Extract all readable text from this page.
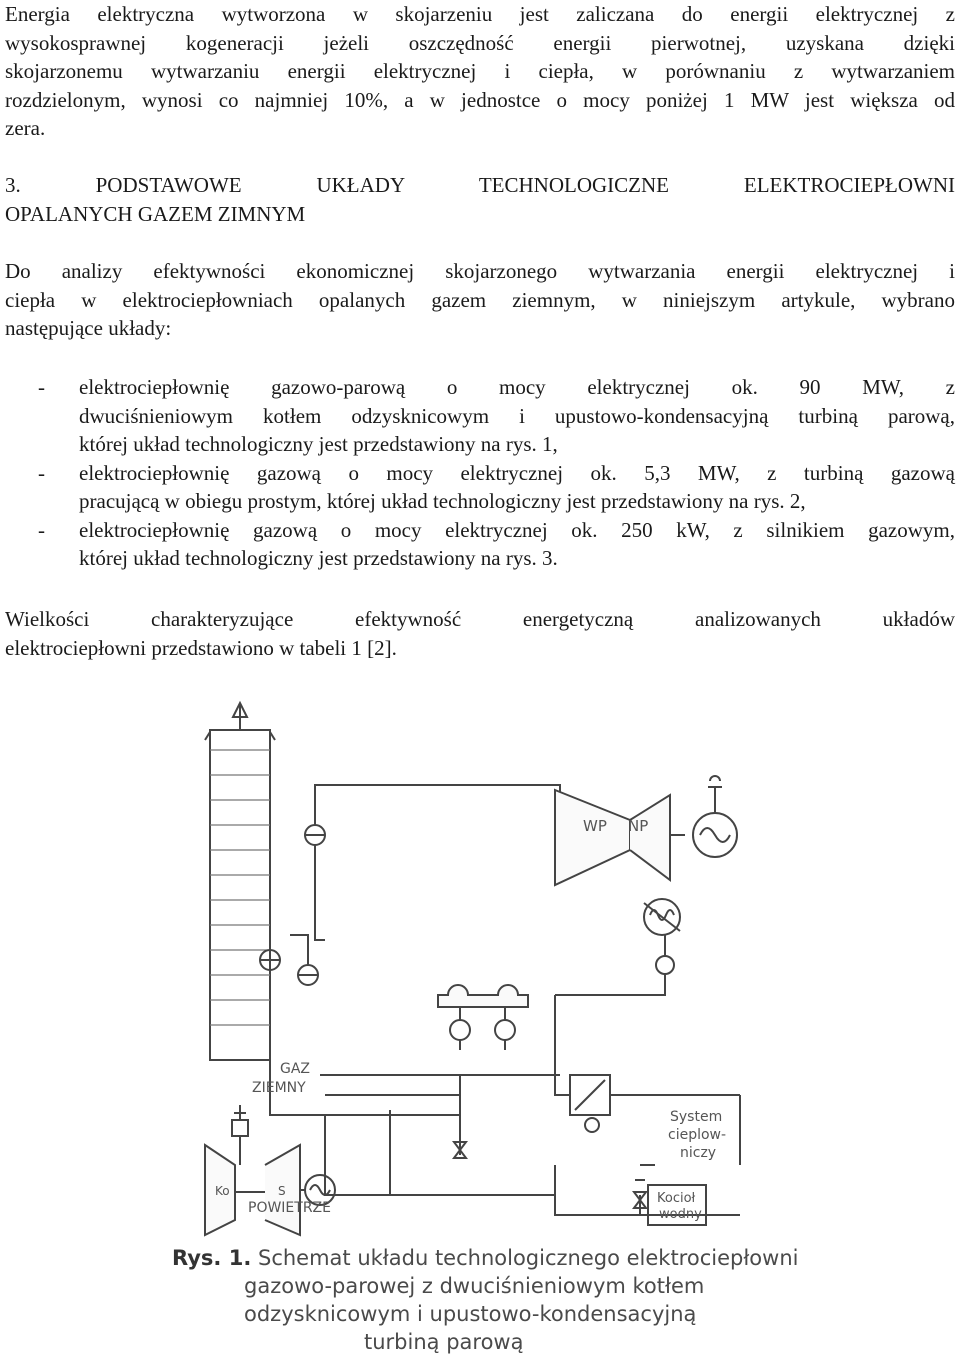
Energia elektryczna wytworzona w skojarzeniu jest zaliczana do energii elektrycznej z
wysokosprawnej kogeneracji jeżeli oszczędność energii pierwotnej, uzyskana dzięki
skojarzonemu wytwarzaniu energii elektrycznej i ciepła, w porównaniu z wytwarzaniem
rozdzielonym, wynosi co najmniej 10%, a w jednostce o mocy poniżej 1 MW jest większa od
zera.

3. PODSTAWOWE UKŁADY TECHNOLOGICZNE ELEKTROCIEPŁOWNI
OPALANYCH GAZEM ZIMNYM

Do analizy efektywności ekonomicznej skojarzonego wytwarzania energii elektrycznej i
ciepła w elektrociepłowniach opalanych gazem ziemnym, w niniejszym artykule, wybrano
następujące układy:

- elektrociepłownię gazowo-parową o mocy elektrycznej ok. 90 MW, z
dwuciśnieniowym kotłem odzysknicowym i upustowo-kondensacyjną turbiną parową,
której układ technologiczny jest przedstawiony na rys. 1,
- elektrociepłownię gazową o mocy elektrycznej ok. 5,3 MW, z turbiną gazową
pracującą w obiegu prostym, której układ technologiczny jest przedstawiony na rys. 2,
- elektrociepłownię gazową o mocy elektrycznej ok. 250 kW, z silnikiem gazowym,
której układ technologiczny jest przedstawiony na rys. 3.

Wielkości charakteryzujące efektywność energetyczną analizowanych układów
elektrociepłowni przedstawiono w tabeli 1 [2].

WP NP
Ko	S
GAZ
ZIEMNY
POWIETRZE
System
cieplow-
niczy
Kocioł
wodny

Rys. 1. Schemat układu technologicznego elektrociepłowni
gazowo-parowej z dwuciśnieniowym kotłem
odzysknicowym i upustowo-kondensacyjną
turbiną parową
